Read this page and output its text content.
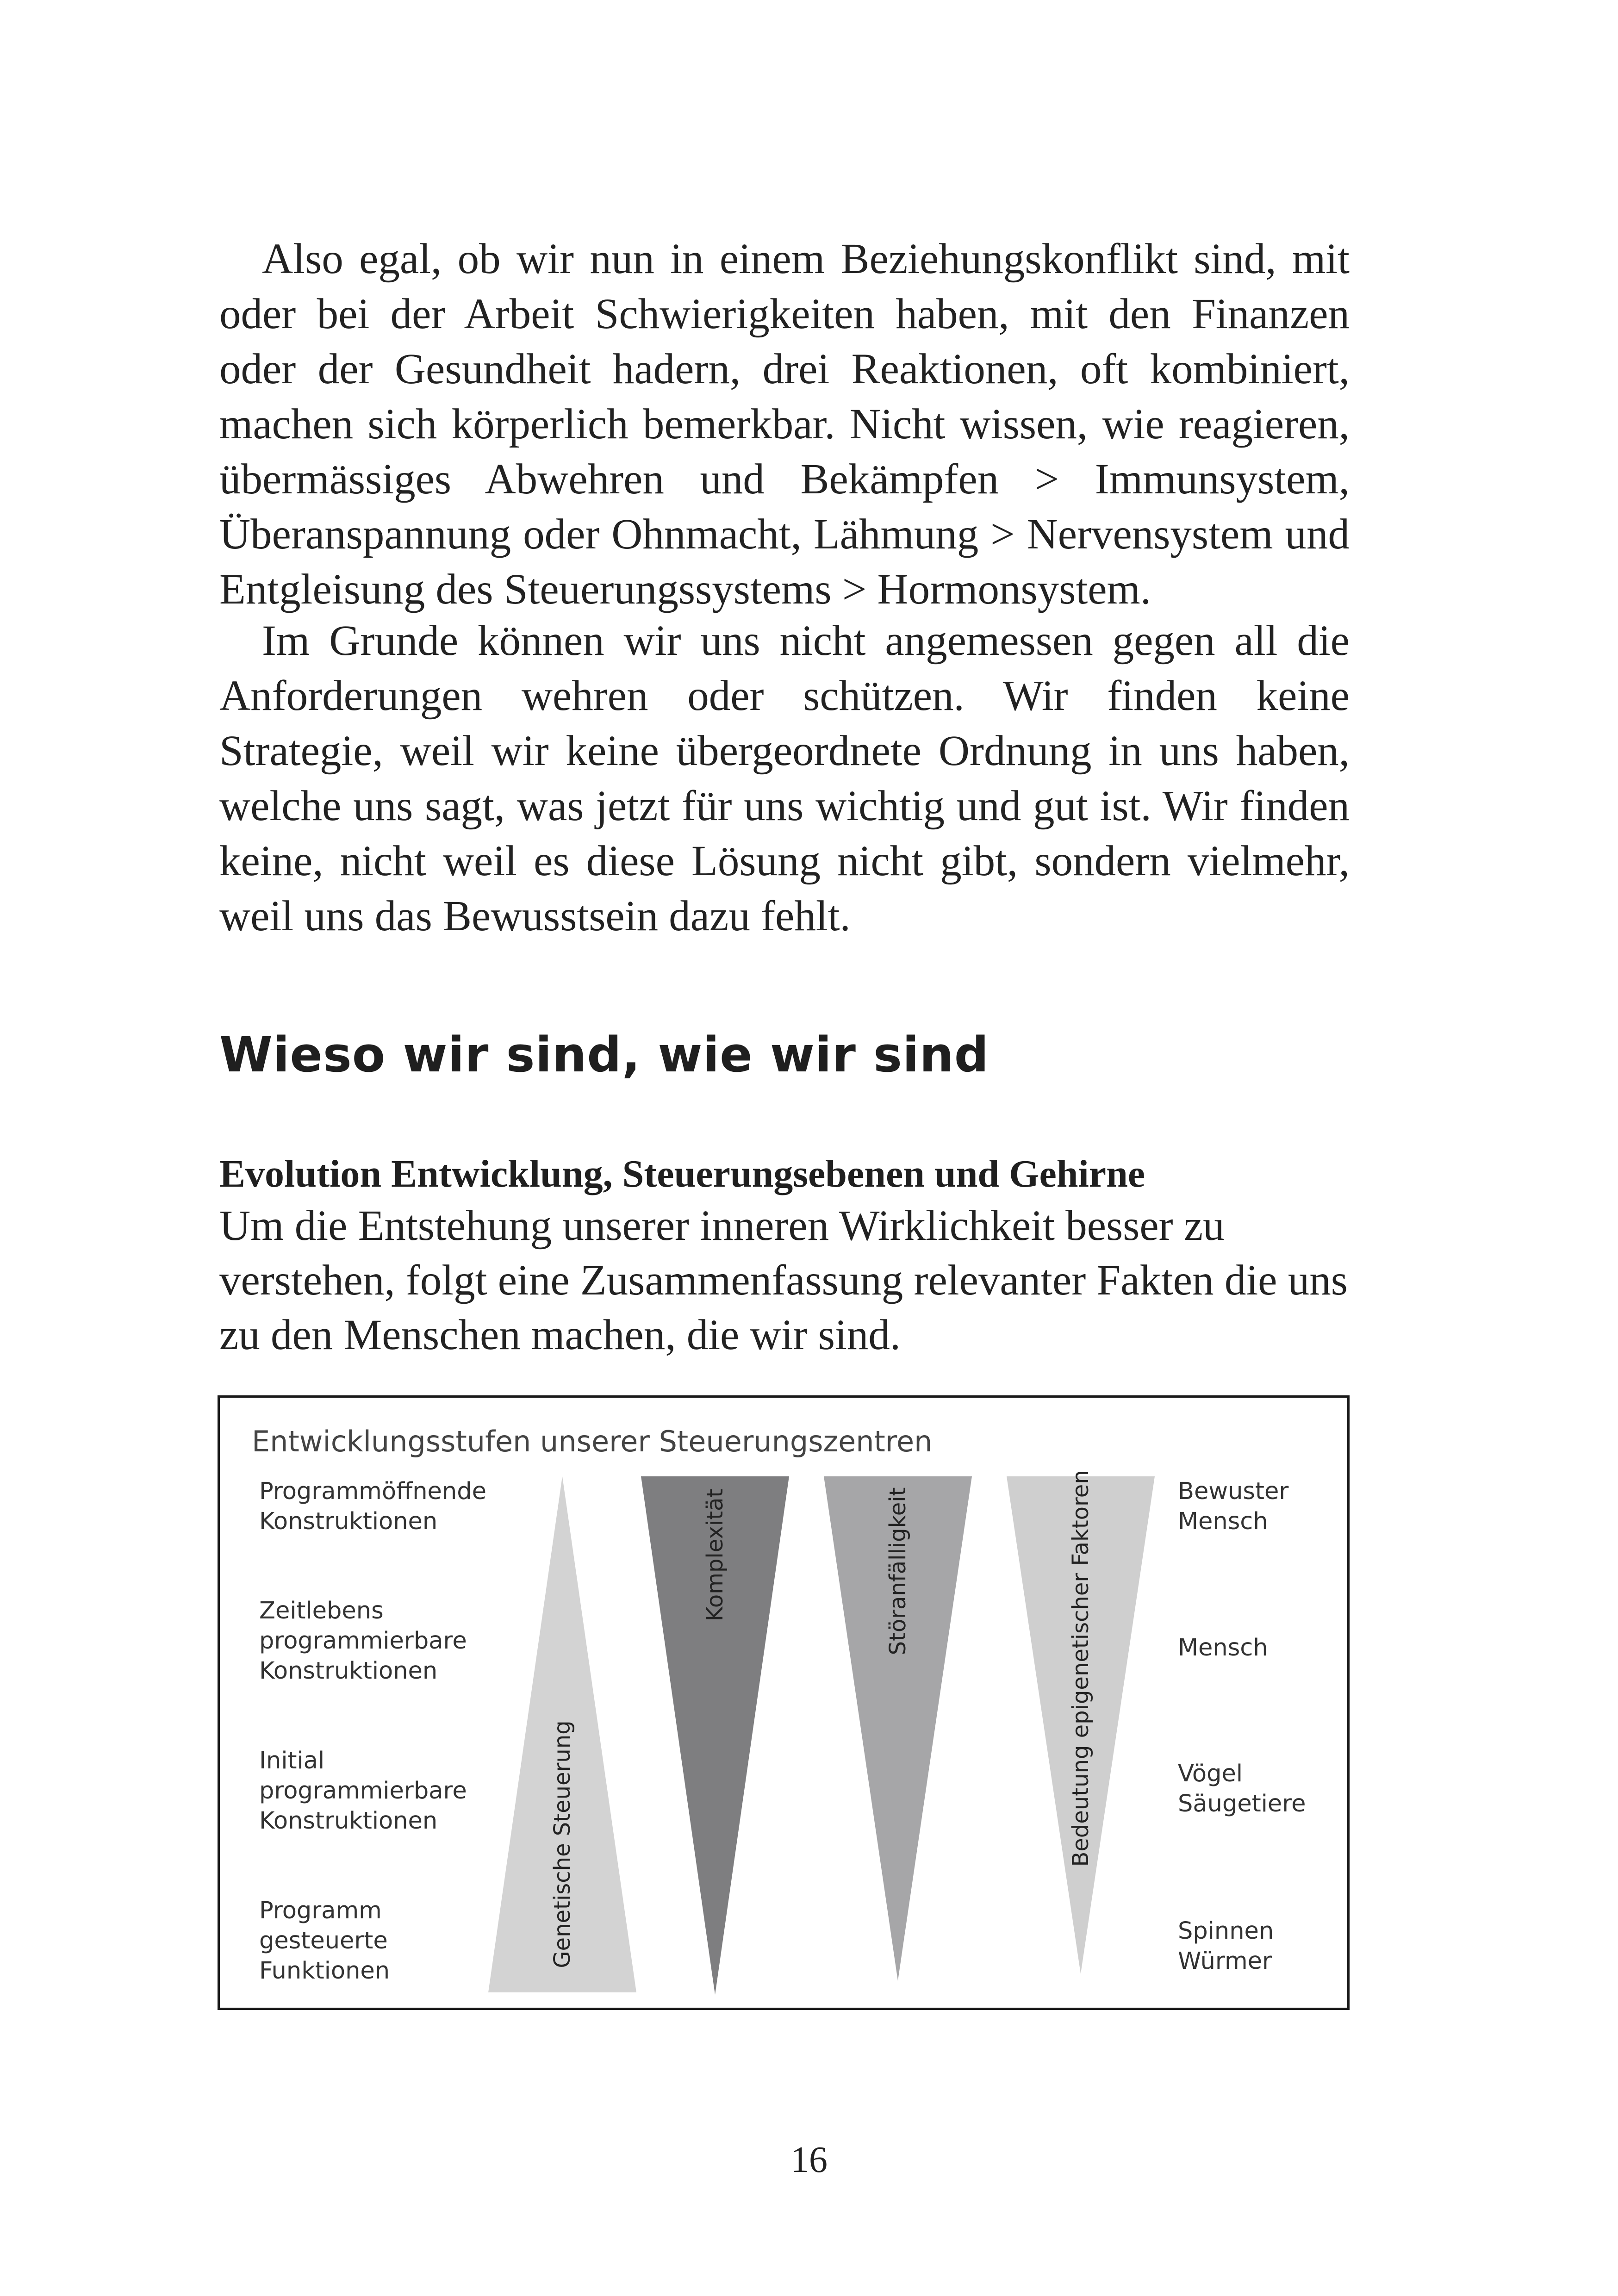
Also egal, ob wir nun in einem Beziehungskonflikt sind, mit oder bei der Arbeit Schwierigkeiten haben, mit den Finanzen oder der Gesundheit hadern, drei Reaktionen, oft kombiniert, machen sich körperlich bemerkbar. Nicht wissen, wie reagieren, übermässiges Abwehren und Bekämpfen > Immunsystem, Überanspannung oder Ohnmacht, Lähmung > Nervensystem und Entgleisung des Steuerungssystems > Hormonsystem.

Im Grunde können wir uns nicht angemessen gegen all die Anforderungen wehren oder schützen. Wir finden keine Strategie, weil wir keine übergeordnete Ordnung in uns haben, welche uns sagt, was jetzt für uns wichtig und gut ist. Wir finden keine, nicht weil es diese Lösung nicht gibt, sondern vielmehr, weil uns das Bewusstsein dazu fehlt.

Wieso wir sind, wie wir sind
Evolution Entwicklung, Steuerungsebenen und Gehirne

Um die Entstehung unserer inneren Wirklichkeit besser zu
verstehen, folgt eine Zusammenfassung relevanter Fakten die uns
zu den Menschen machen, die wir sind.

Entwicklungsstufen unserer Steuerungszentren

Programmöffnende
Konstruktionen

Zeitlebens
programmierbare
Konstruktionen

Initial
programmierbare
Konstruktionen

Programm
gesteuerte
Funktionen

Bewuster
Mensch

Mensch

Vögel
Säugetiere

Spinnen
Würmer

Genetische Steuerung
Komplexität	Störanfälligkeit	Bedeutung epigenetischer Faktoren

16
